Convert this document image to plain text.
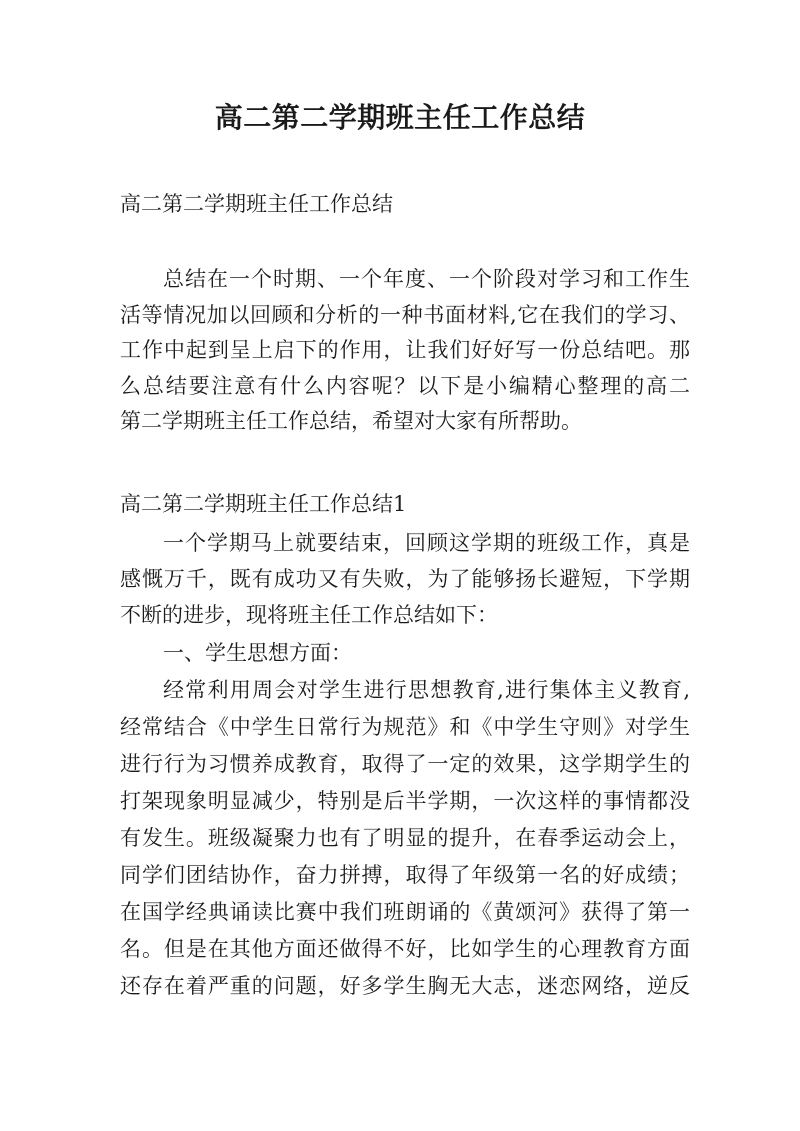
高二第二学期班主任工作总结

高二第二学期班主任工作总结

总结在一个时期、一个年度、一个阶段对学习和工作生

活等情况加以回顾和分析的一种书面材料,它在我们的学习、

工作中起到呈上启下的作用，让我们好好写一份总结吧。那

么总结要注意有什么内容呢？以下是小编精心整理的高二

第二学期班主任工作总结，希望对大家有所帮助。

高二第二学期班主任工作总结1

一个学期马上就要结束，回顾这学期的班级工作，真是

感慨万千，既有成功又有失败，为了能够扬长避短，下学期

不断的进步，现将班主任工作总结如下：

一、学生思想方面：

经常利用周会对学生进行思想教育,进行集体主义教育,

经常结合《中学生日常行为规范》和《中学生守则》对学生

进行行为习惯养成教育，取得了一定的效果，这学期学生的

打架现象明显减少，特别是后半学期，一次这样的事情都没

有发生。班级凝聚力也有了明显的提升，在春季运动会上，

同学们团结协作，奋力拼搏，取得了年级第一名的好成绩；

在国学经典诵读比赛中我们班朗诵的《黄颂河》获得了第一

名。但是在其他方面还做得不好，比如学生的心理教育方面

还存在着严重的问题，好多学生胸无大志，迷恋网络，逆反
